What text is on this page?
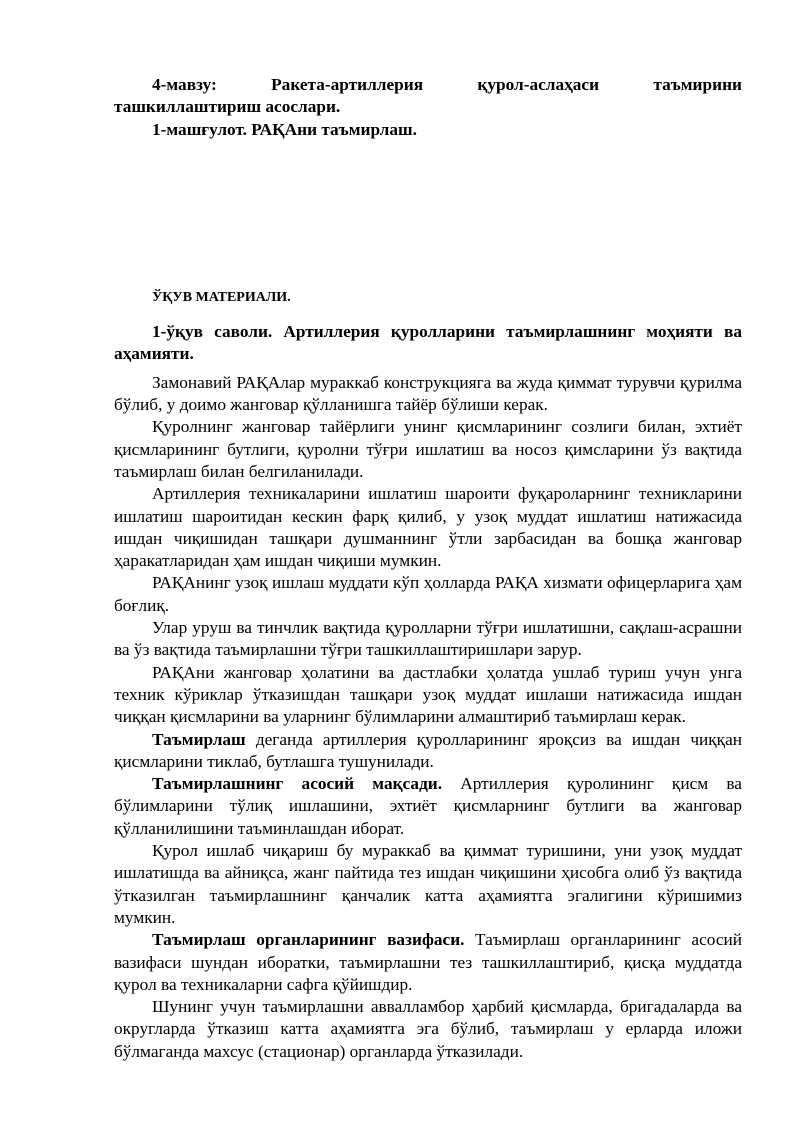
4-мавзу: Ракета-артиллерия қурол-аслаҳаси таъмирини ташкиллаштириш асослари.

1-машғулот. РАҚАни таъмирлаш.

ЎҚУВ МАТЕРИАЛИ.

1-ўқув саволи. Артиллерия қуролларини таъмирлашнинг моҳияти ва аҳамияти.

Замонавий РАҚАлар мураккаб конструкцияга ва жуда қиммат турувчи қурилма бўлиб, у доимо жанговар қўлланишга тайёр бўлиши керак.

Қуролнинг жанговар тайёрлиги унинг қисмларининг созлиги билан, эхтиёт қисмларининг бутлиги, қуролни тўғри ишлатиш ва носоз қимсларини ўз вақтида таъмирлаш билан белгиланилади.

Артиллерия техникаларини ишлатиш шароити фуқароларнинг техникларини ишлатиш шароитидан кескин фарқ қилиб, у узоқ муддат ишлатиш натижасида ишдан чиқишидан ташқари душманнинг ўтли зарбасидан ва бошқа жанговар ҳаракатларидан ҳам ишдан чиқиши мумкин.

РАҚАнинг узоқ ишлаш муддати кўп ҳолларда РАҚА хизмати офицерларига ҳам боғлиқ.

Улар уруш ва тинчлик вақтида қуролларни тўғри ишлатишни, сақлаш-асрашни ва ўз вақтида таъмирлашни тўғри ташкиллаштиришлари зарур.

РАҚАни жанговар ҳолатини ва дастлабки ҳолатда ушлаб туриш учун унга техник кўриклар ўтказишдан ташқари узоқ муддат ишлаши натижасида ишдан чиққан қисмларини ва уларнинг бўлимларини алмаштириб таъмирлаш керак.

Таъмирлаш деганда артиллерия қуролларининг яроқсиз ва ишдан чиққан қисмларини тиклаб, бутлашга тушунилади.

Таъмирлашнинг асосий мақсади. Артиллерия қуролининг қисм ва бўлимларини тўлиқ ишлашини, эхтиёт қисмларнинг бутлиги ва жанговар қўлланилишини таъминлашдан иборат.

Қурол ишлаб чиқариш бу мураккаб ва қиммат туришини, уни узоқ муддат ишлатишда ва айниқса, жанг пайтида тез ишдан чиқишини ҳисобга олиб ўз вақтида ўтказилган таъмирлашнинг қанчалик катта аҳамиятга эгалигини кўришимиз мумкин.

Таъмирлаш органларининг вазифаси. Таъмирлаш органларининг асосий вазифаси шундан иборатки, таъмирлашни тез ташкиллаштириб, қисқа муддатда қурол ва техникаларни сафга қўйишдир.

Шунинг учун таъмирлашни аввалламбор ҳарбий қисмларда, бригадаларда ва округларда ўтказиш катта аҳамиятга эга бўлиб, таъмирлаш у ерларда иложи бўлмаганда махсус (стационар) органларда ўтказилади.
